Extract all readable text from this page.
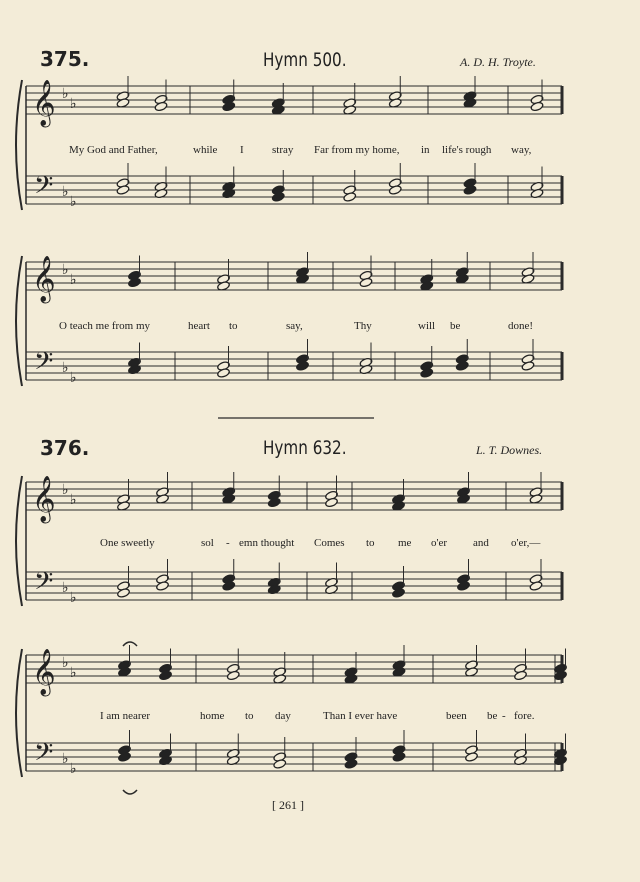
375.	Hymn 500.	A. D. H. Troyte.
My God and Father,	while I	stray Far from my home, in life's rough way,
O teach me from my	heart to	say,	Thy	will be	done!
376.	Hymn 632.	L. T. Downes.
One sweetly	sol - emn thought Comes to me o'er and o'er,—
I am nearer	home to day	Than I ever have	been be - fore.
[ 261 ]
𝄞
𝄢
♭
♭
♭
♭
𝄞
𝄢
♭
♭
♭
♭
𝄞
𝄢
♭
♭
♭
♭
𝄞
𝄢
♭
♭
♭
♭
